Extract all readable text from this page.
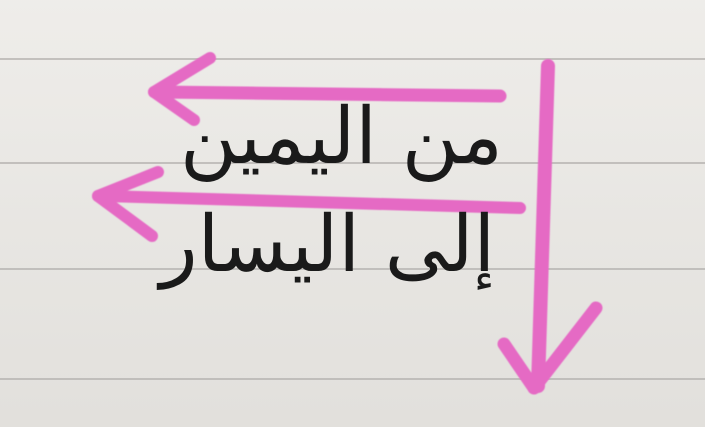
من اليمين
إلى اليسار
